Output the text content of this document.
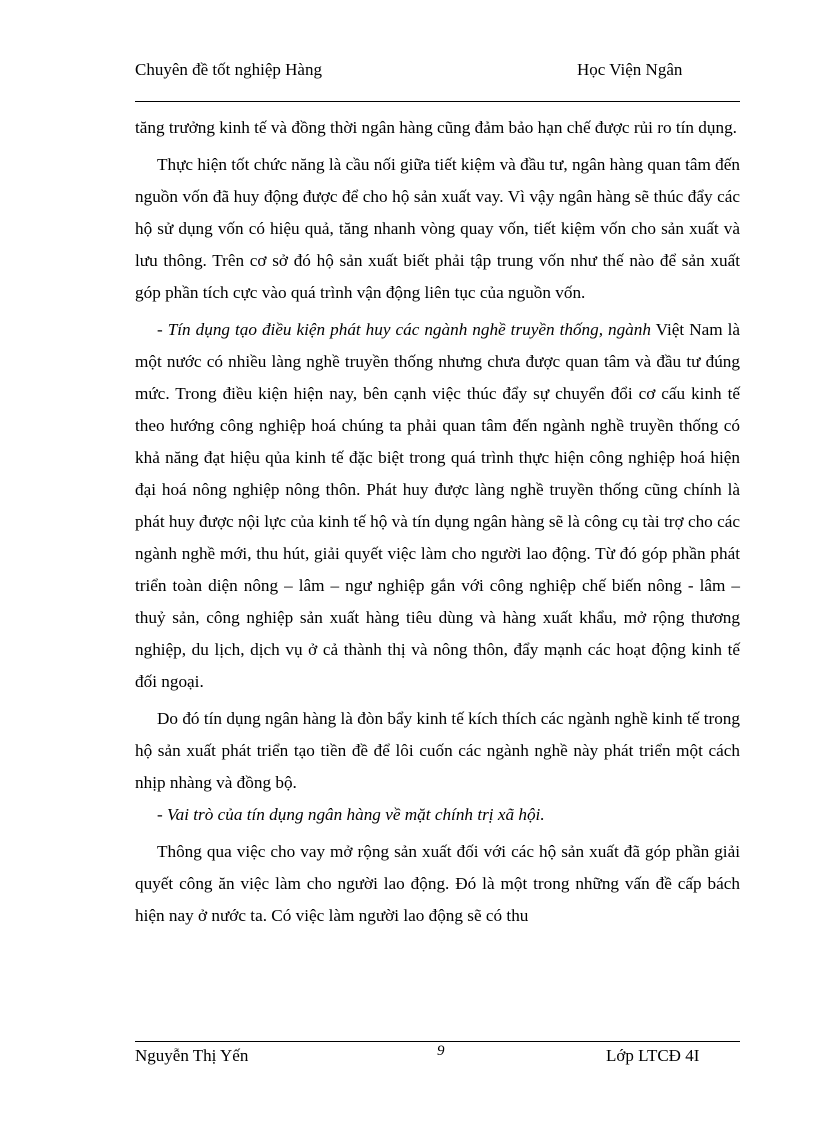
Chuyên đề tốt nghiệp Hàng	Học Viện Ngân

tăng trưởng kinh tế và đồng thời ngân hàng cũng đảm bảo hạn chế được rủi ro tín dụng.

Thực hiện tốt chức năng là cầu nối giữa tiết kiệm và đầu tư, ngân hàng quan tâm đến nguồn vốn đã huy động được để cho hộ sản xuất vay. Vì vậy ngân hàng sẽ thúc đẩy các hộ sử dụng vốn có hiệu quả, tăng nhanh vòng quay vốn, tiết kiệm vốn cho sản xuất và lưu thông. Trên cơ sở đó hộ sản xuất biết phải tập trung vốn như thế nào để sản xuất góp phần tích cực vào quá trình vận động liên tục của nguồn vốn.

- Tín dụng tạo điều kiện phát huy các ngành nghề truyền thống, ngành Việt Nam là một nước có nhiều làng nghề truyền thống nhưng chưa được quan tâm và đầu tư đúng mức. Trong điều kiện hiện nay, bên cạnh việc thúc đẩy sự chuyển đổi cơ cấu kinh tế theo hướng công nghiệp hoá chúng ta phải quan tâm đến ngành nghề truyền thống có khả năng đạt hiệu qủa kinh tế đặc biệt trong quá trình thực hiện công nghiệp hoá hiện đại hoá nông nghiệp nông thôn. Phát huy được làng nghề truyền thống cũng chính là phát huy được nội lực của kinh tế hộ và tín dụng ngân hàng sẽ là công cụ tài trợ cho các ngành nghề mới, thu hút, giải quyết việc làm cho người lao động. Từ đó góp phần phát triển toàn diện nông – lâm – ngư nghiệp gắn với công nghiệp chế biến nông - lâm – thuỷ sản, công nghiệp sản xuất hàng tiêu dùng và hàng xuất khẩu, mở rộng thương nghiệp, du lịch, dịch vụ ở cả thành thị và nông thôn, đẩy mạnh các hoạt động kinh tế đối ngoại.

Do đó tín dụng ngân hàng là đòn bẩy kinh tế kích thích các ngành nghề kinh tế trong hộ sản xuất phát triển tạo tiền đề để lôi cuốn các ngành nghề này phát triển một cách nhịp nhàng và đồng bộ.

- Vai trò của tín dụng ngân hàng về mặt chính trị xã hội.

Thông qua việc cho vay mở rộng sản xuất đối với các hộ sản xuất đã góp phần giải quyết công ăn việc làm cho người lao động. Đó là một trong những vấn đề cấp bách hiện nay ở nước ta. Có việc làm người lao động sẽ có thu

Nguyễn Thị Yến	9	Lớp LTCĐ 4I
